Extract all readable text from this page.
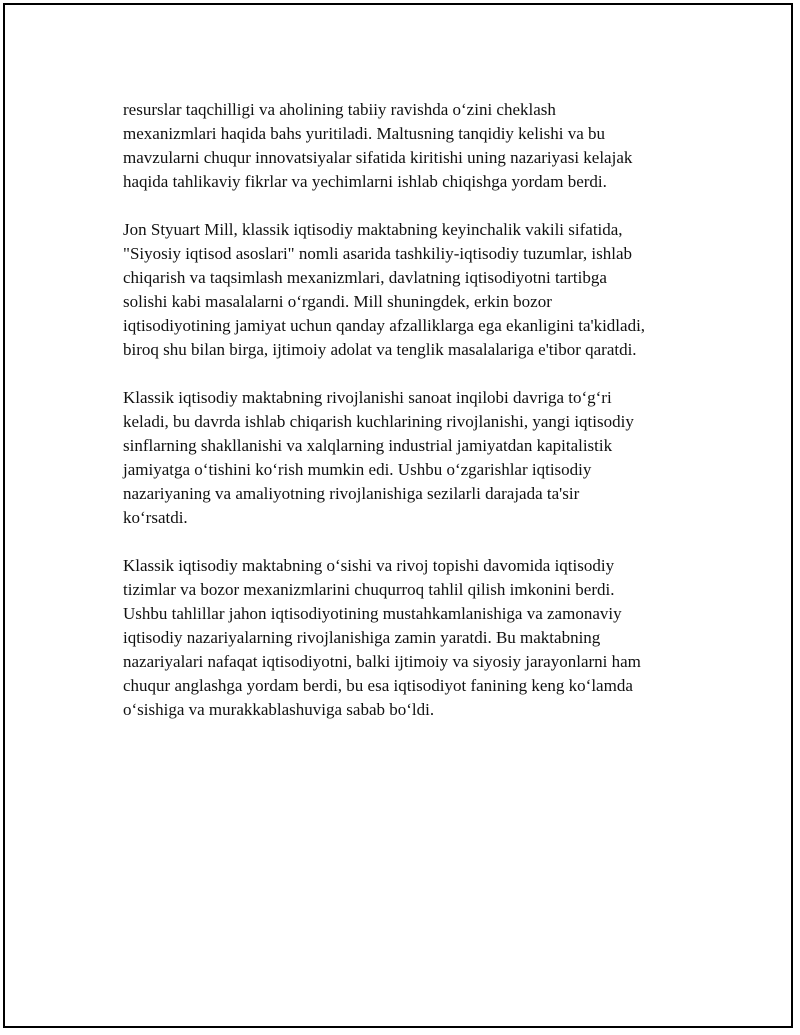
resurslar taqchilligi va aholining tabiiy ravishda o‘zini cheklash
mexanizmlari haqida bahs yuritiladi. Maltusning tanqidiy kelishi va bu
mavzularni chuqur innovatsiyalar sifatida kiritishi uning nazariyasi kelajak
haqida tahlikaviy fikrlar va yechimlarni ishlab chiqishga yordam berdi.

Jon Styuart Mill, klassik iqtisodiy maktabning keyinchalik vakili sifatida,
"Siyosiy iqtisod asoslari" nomli asarida tashkiliy-iqtisodiy tuzumlar, ishlab
chiqarish va taqsimlash mexanizmlari, davlatning iqtisodiyotni tartibga
solishi kabi masalalarni o‘rgandi. Mill shuningdek, erkin bozor
iqtisodiyotining jamiyat uchun qanday afzalliklarga ega ekanligini ta'kidladi,
biroq shu bilan birga, ijtimoiy adolat va tenglik masalalariga e'tibor qaratdi.

Klassik iqtisodiy maktabning rivojlanishi sanoat inqilobi davriga to‘g‘ri
keladi, bu davrda ishlab chiqarish kuchlarining rivojlanishi, yangi iqtisodiy
sinflarning shakllanishi va xalqlarning industrial jamiyatdan kapitalistik
jamiyatga o‘tishini ko‘rish mumkin edi. Ushbu o‘zgarishlar iqtisodiy
nazariyaning va amaliyotning rivojlanishiga sezilarli darajada ta'sir
ko‘rsatdi.

Klassik iqtisodiy maktabning o‘sishi va rivoj topishi davomida iqtisodiy
tizimlar va bozor mexanizmlarini chuqurroq tahlil qilish imkonini berdi.
Ushbu tahlillar jahon iqtisodiyotining mustahkamlanishiga va zamonaviy
iqtisodiy nazariyalarning rivojlanishiga zamin yaratdi. Bu maktabning
nazariyalari nafaqat iqtisodiyotni, balki ijtimoiy va siyosiy jarayonlarni ham
chuqur anglashga yordam berdi, bu esa iqtisodiyot fanining keng ko‘lamda
o‘sishiga va murakkablashuviga sabab bo‘ldi.
